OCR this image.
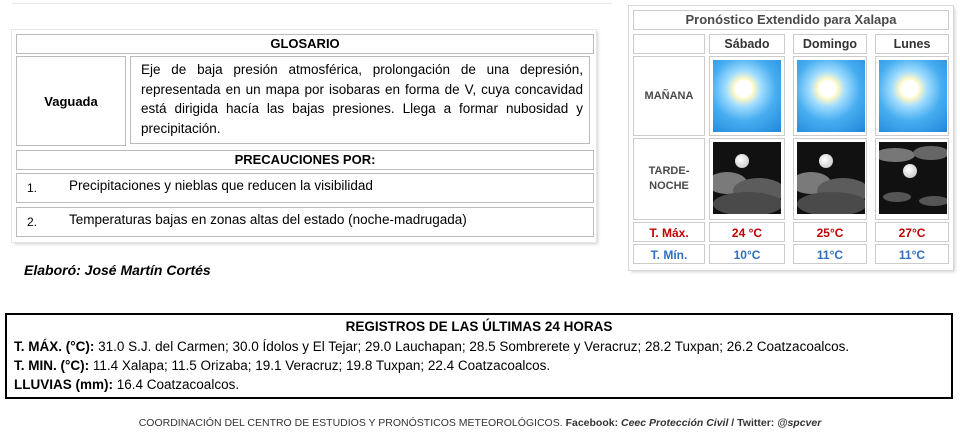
GLOSARIO
Vaguada
Eje de baja presión atmosférica, prolongación de una depresión, representada en un mapa por isobaras en forma de V, cuya concavidad está dirigida hacía las bajas presiones. Llega a formar nubosidad y precipitación.
PRECAUCIONES POR:
1. Precipitaciones y nieblas que reducen la visibilidad
2. Temperaturas bajas en zonas altas del estado (noche-madrugada)
Elaboró: José Martín Cortés
Pronóstico Extendido para Xalapa
Sábado	Domingo	Lunes
MAÑANA
TARDE-
NOCHE
T. Máx.	24 °C	25°C	27°C
T. Mín.	10°C	11°C	11°C
REGISTROS DE LAS ÚLTIMAS 24 HORAS
T. MÁX. (°C): 31.0 S.J. del Carmen; 30.0 Ídolos y El Tejar; 29.0 Lauchapan; 28.5 Sombrerete y Veracruz; 28.2 Tuxpan; 26.2 Coatzacoalcos.
T. MIN. (°C): 11.4 Xalapa; 11.5 Orizaba; 19.1 Veracruz; 19.8 Tuxpan; 22.4 Coatzacoalcos.
LLUVIAS (mm): 16.4 Coatzacoalcos.
COORDINACIÓN DEL CENTRO DE ESTUDIOS Y PRONÓSTICOS METEOROLÓGICOS. Facebook: Ceec Protección Civil / Twitter: @spcver
